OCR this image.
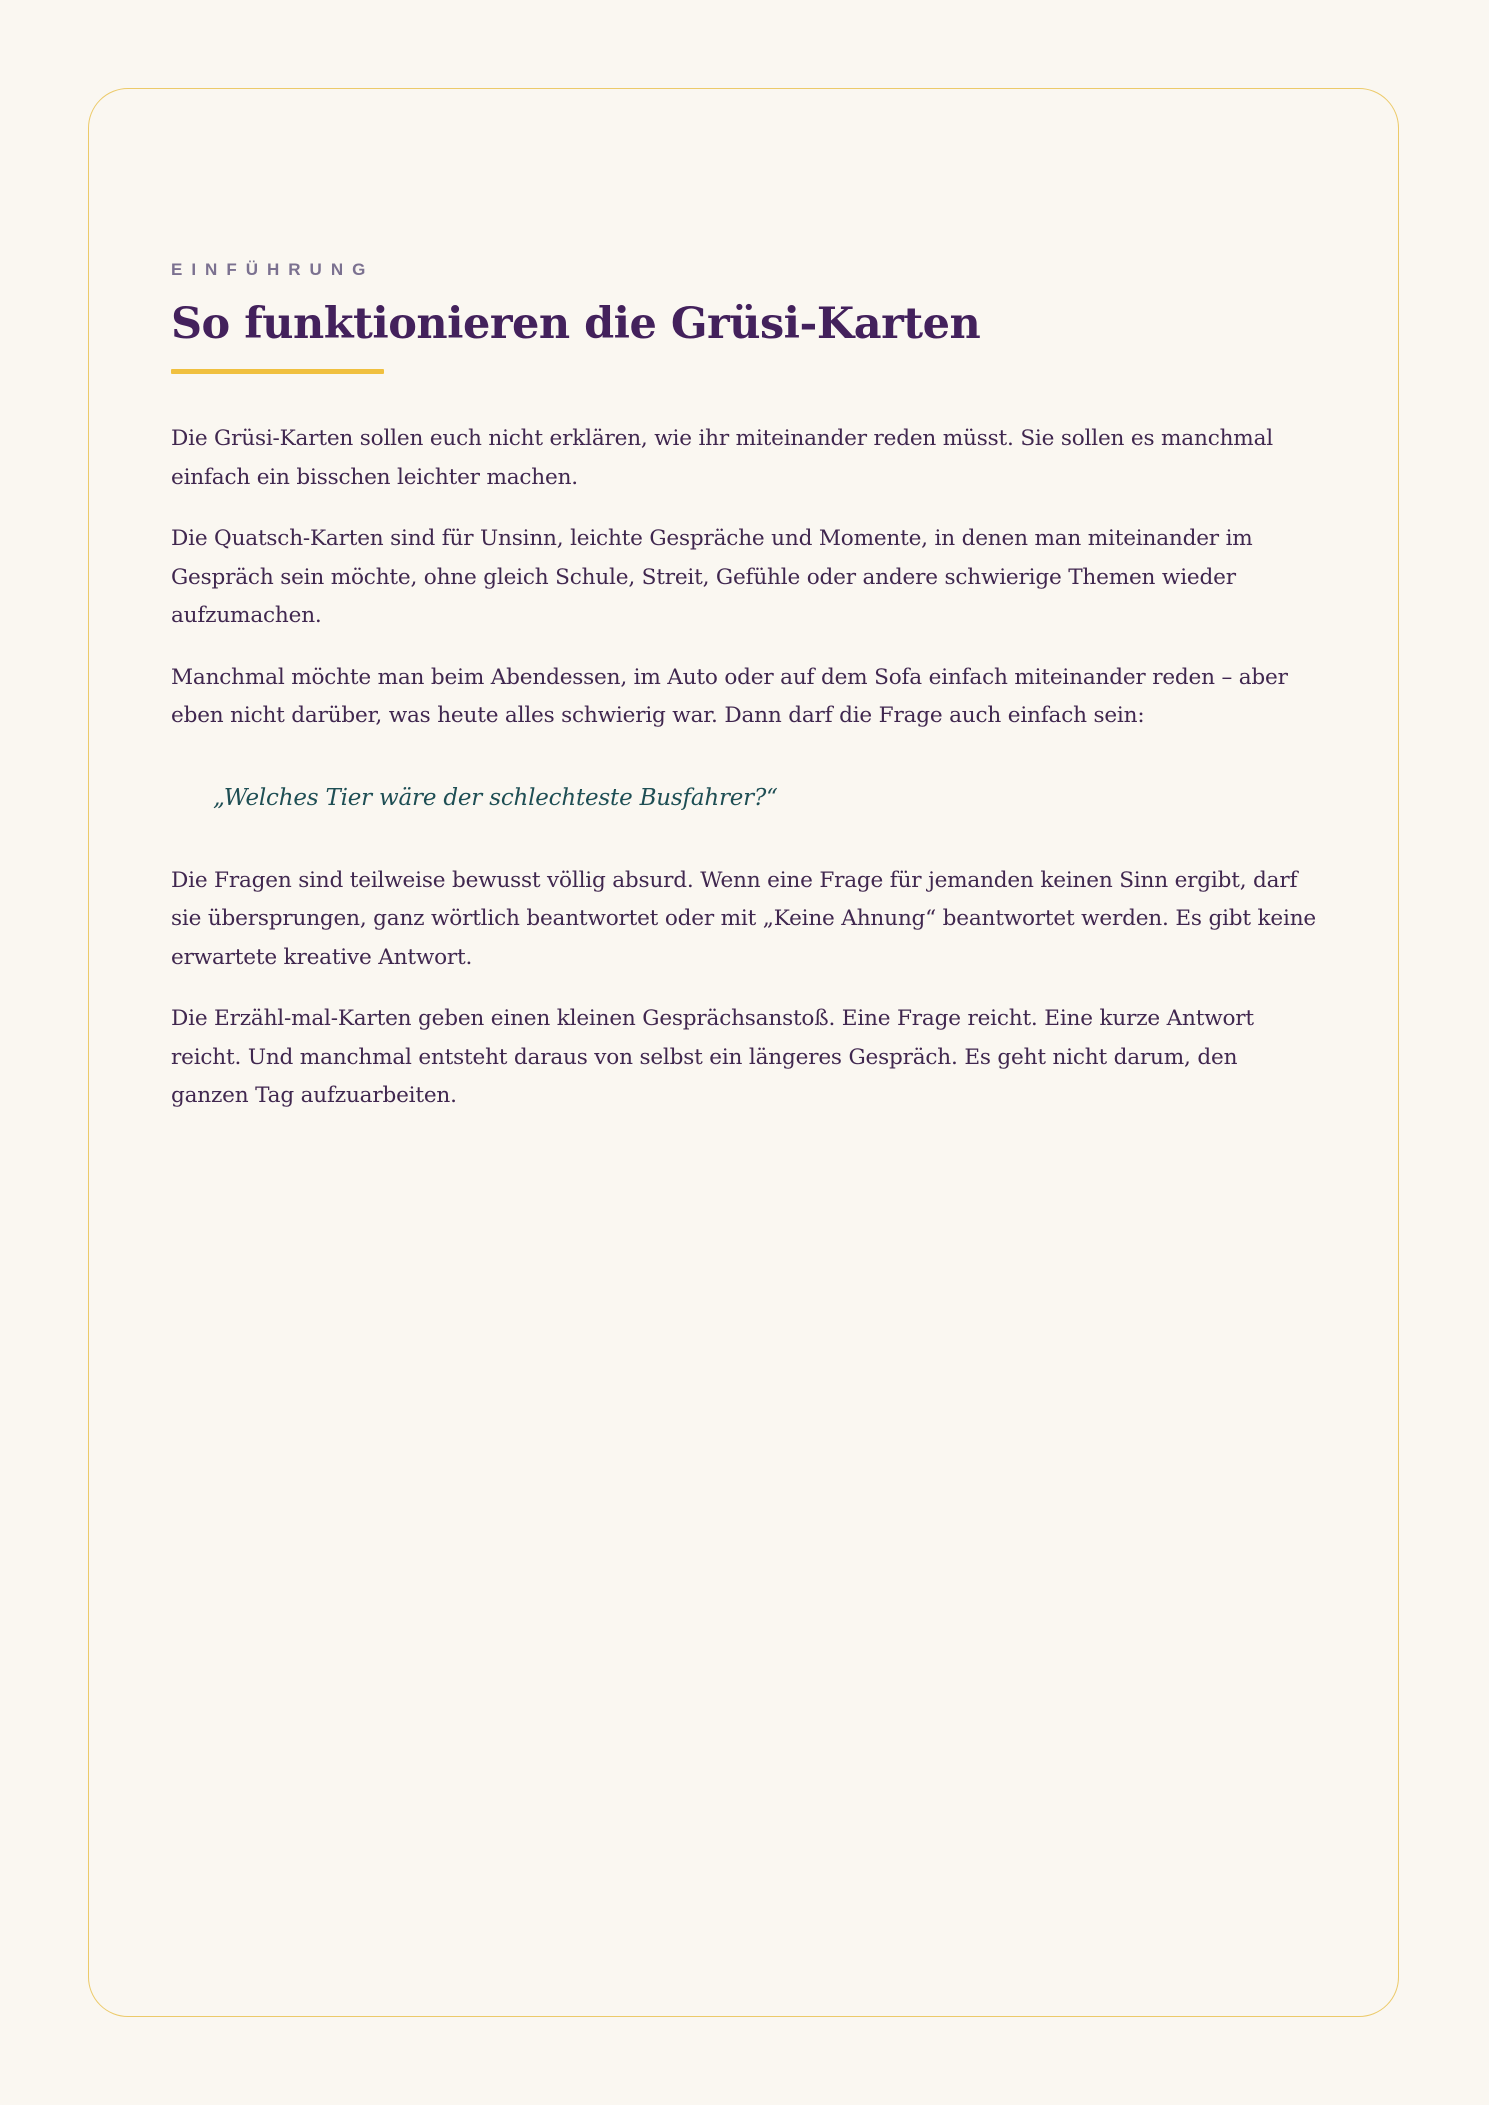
EINFÜHRUNG

So funktionieren die Grüsi-Karten

Die Grüsi-Karten sollen euch nicht erklären, wie ihr miteinander reden müsst. Sie sollen es manchmal einfach ein bisschen leichter machen.

Die Quatsch-Karten sind für Unsinn, leichte Gespräche und Momente, in denen man miteinander im Gespräch sein möchte, ohne gleich Schule, Streit, Gefühle oder andere schwierige Themen wieder aufzumachen.

Manchmal möchte man beim Abendessen, im Auto oder auf dem Sofa einfach miteinander reden – aber eben nicht darüber, was heute alles schwierig war. Dann darf die Frage auch einfach sein:

„Welches Tier wäre der schlechteste Busfahrer?“

Die Fragen sind teilweise bewusst völlig absurd. Wenn eine Frage für jemanden keinen Sinn ergibt, darf sie übersprungen, ganz wörtlich beantwortet oder mit „Keine Ahnung“ beantwortet werden. Es gibt keine erwartete kreative Antwort.

Die Erzähl-mal-Karten geben einen kleinen Gesprächsanstoß. Eine Frage reicht. Eine kurze Antwort reicht. Und manchmal entsteht daraus von selbst ein längeres Gespräch. Es geht nicht darum, den ganzen Tag aufzuarbeiten.
